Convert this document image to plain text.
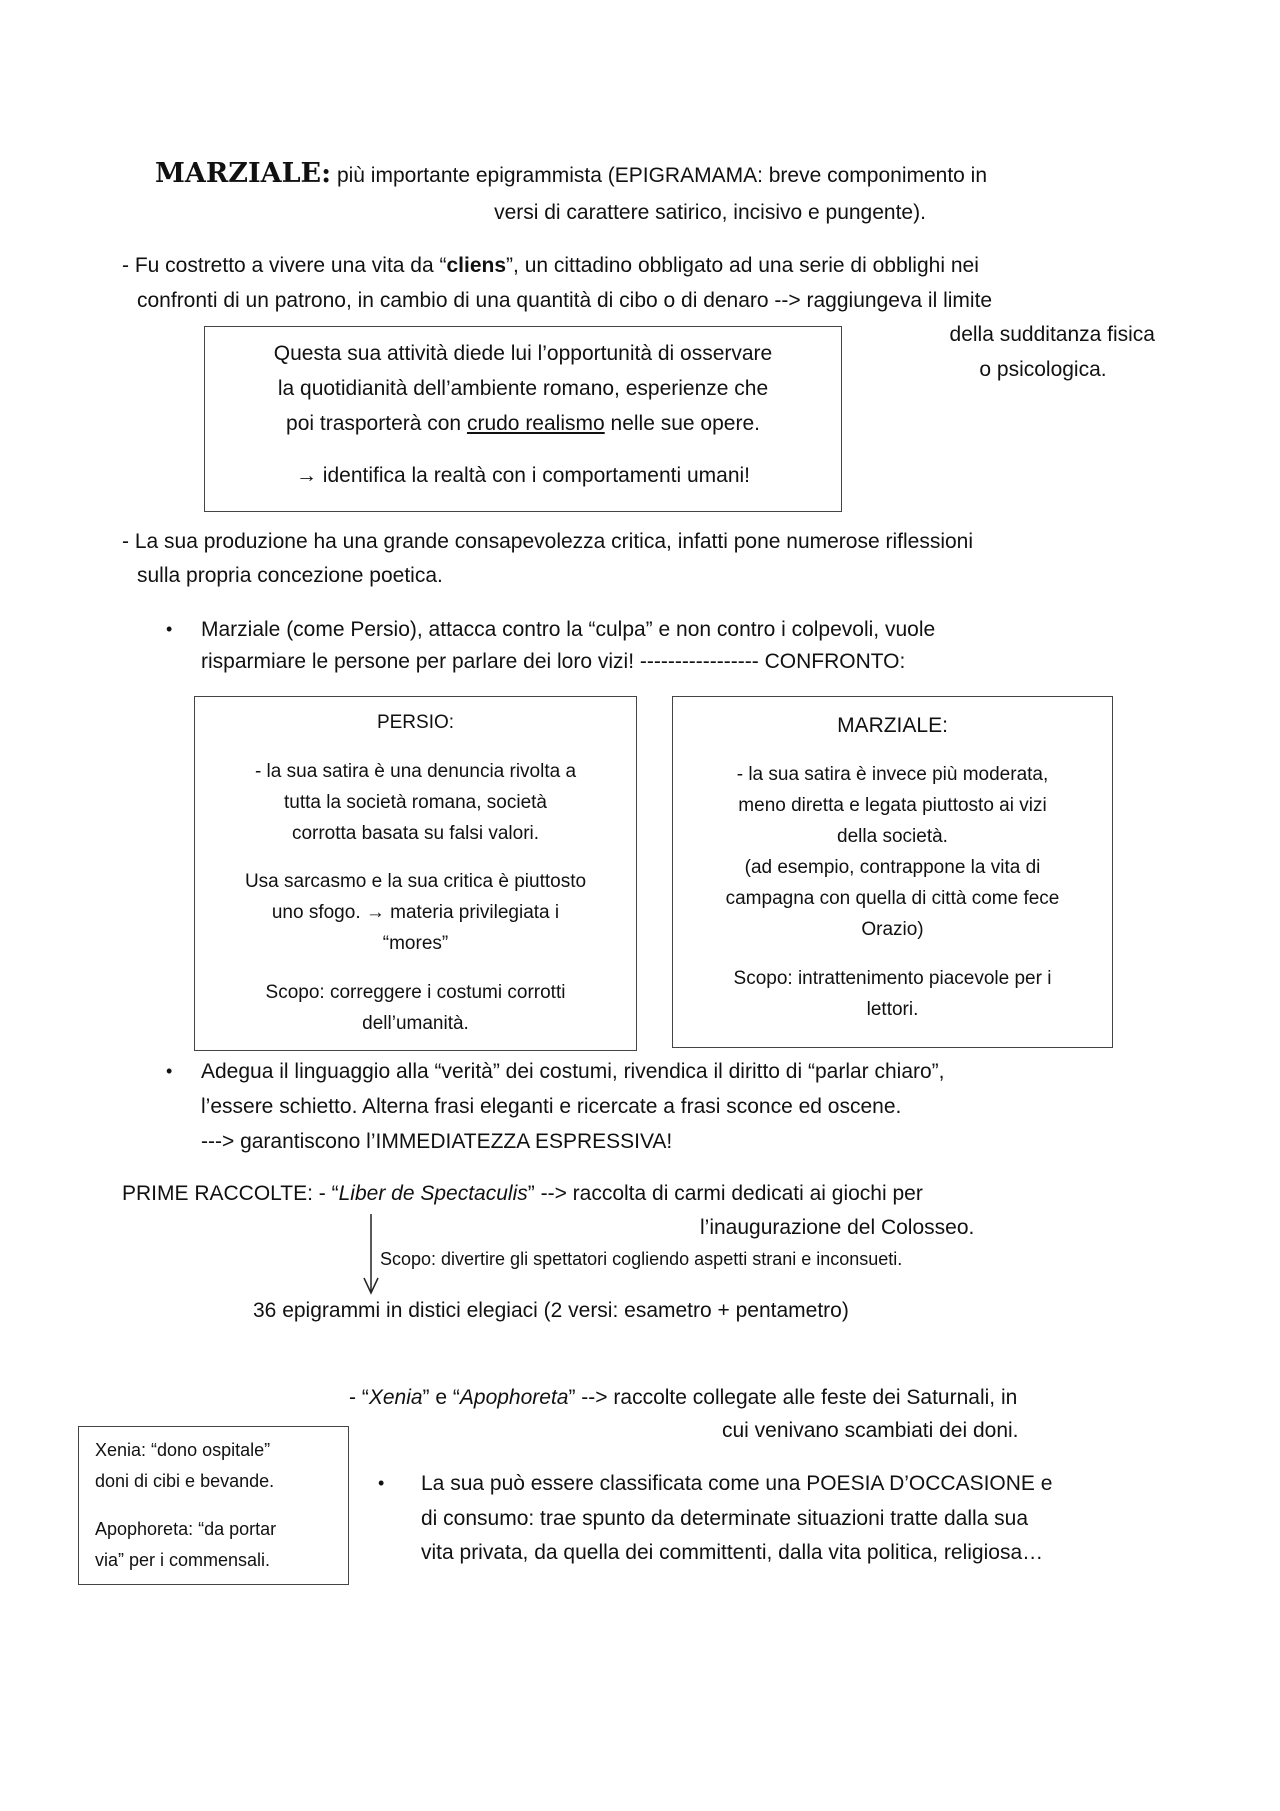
MARZIALE: più importante epigrammista (EPIGRAMAMA: breve componimento in
versi di carattere satirico, incisivo e pungente).
- Fu costretto a vivere una vita da “cliens”, un cittadino obbligato ad una serie di obblighi nei
confronti di un patrono, in cambio di una quantità di cibo o di denaro --> raggiungeva il limite
della sudditanza fisica
o psicologica.
Questa sua attività diede lui l’opportunità di osservare
la quotidianità dell’ambiente romano, esperienze che
poi trasporterà con crudo realismo nelle sue opere.
→ identifica la realtà con i comportamenti umani!
- La sua produzione ha una grande consapevolezza critica, infatti pone numerose riflessioni
sulla propria concezione poetica.
• Marziale (come Persio), attacca contro la “culpa” e non contro i colpevoli, vuole
risparmiare le persone per parlare dei loro vizi! ----------------- CONFRONTO:
PERSIO:
- la sua satira è una denuncia rivolta a
tutta la società romana, società
corrotta basata su falsi valori.
Usa sarcasmo e la sua critica è piuttosto
uno sfogo. → materia privilegiata i
“mores”
Scopo: correggere i costumi corrotti
dell’umanità.
MARZIALE:
- la sua satira è invece più moderata,
meno diretta e legata piuttosto ai vizi
della società.
(ad esempio, contrappone la vita di
campagna con quella di città come fece
Orazio)
Scopo: intrattenimento piacevole per i
lettori.
• Adegua il linguaggio alla “verità” dei costumi, rivendica il diritto di “parlar chiaro”,
l’essere schietto. Alterna frasi eleganti e ricercate a frasi sconce ed oscene.
---> garantiscono l’IMMEDIATEZZA ESPRESSIVA!
PRIME RACCOLTE: - “Liber de Spectaculis” --> raccolta di carmi dedicati ai giochi per
l’inaugurazione del Colosseo.
Scopo: divertire gli spettatori cogliendo aspetti strani e inconsueti.
36 epigrammi in distici elegiaci (2 versi: esametro + pentametro)
- “Xenia” e “Apophoreta” --> raccolte collegate alle feste dei Saturnali, in
cui venivano scambiati dei doni.
Xenia: “dono ospitale”
doni di cibi e bevande.
Apophoreta: “da portar
via” per i commensali.
• La sua può essere classificata come una POESIA D’OCCASIONE e
di consumo: trae spunto da determinate situazioni tratte dalla sua
vita privata, da quella dei committenti, dalla vita politica, religiosa…
